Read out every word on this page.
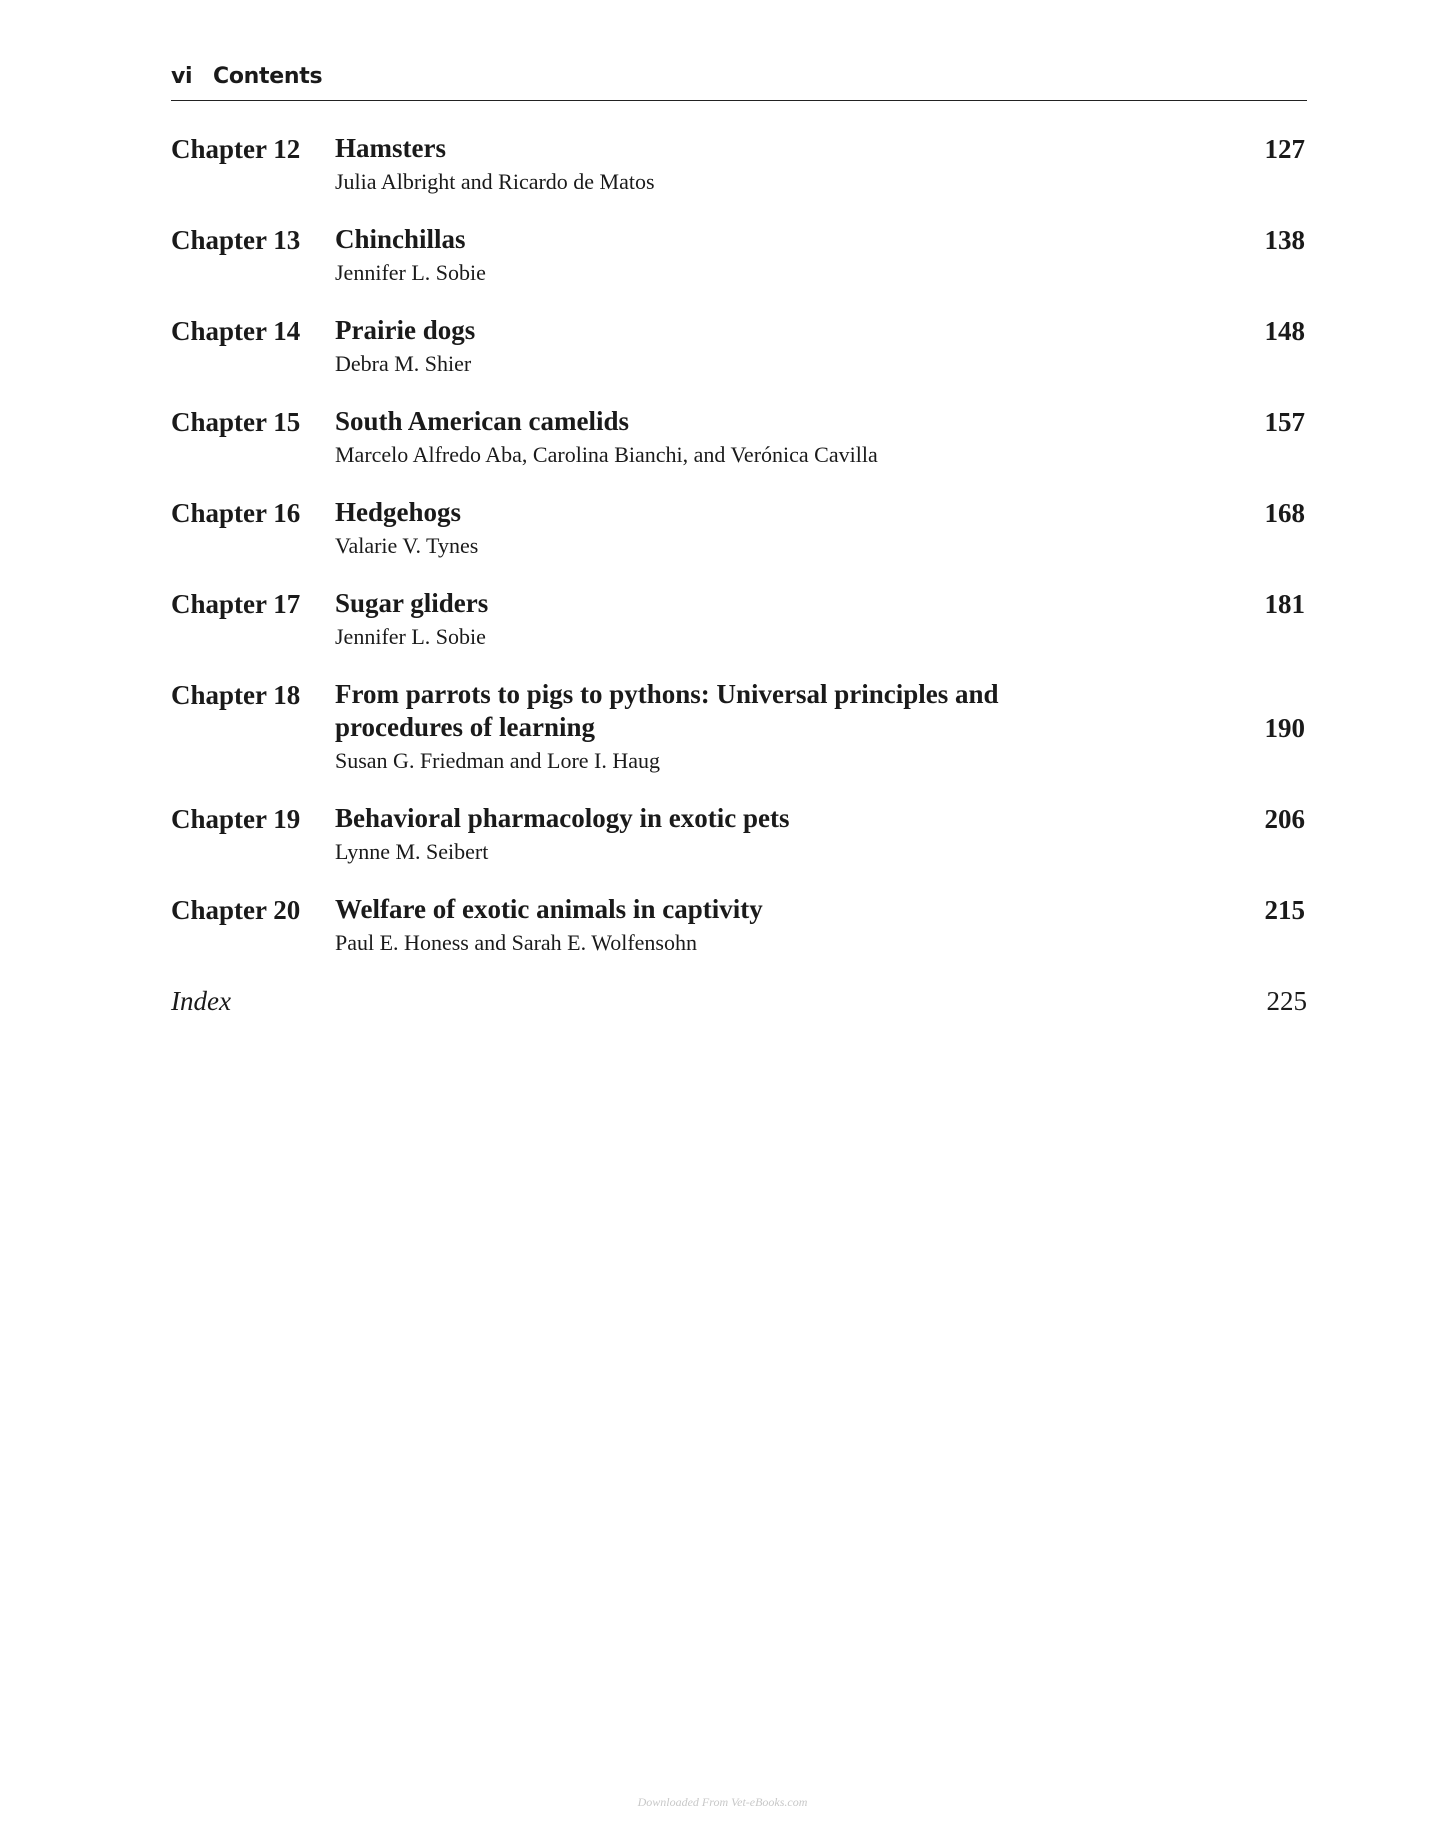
vi Contents
Chapter 12 Hamsters
Julia Albright and Ricardo de Matos
127
Chapter 13 Chinchillas
Jennifer L. Sobie
138
Chapter 14 Prairie dogs
Debra M. Shier
148
Chapter 15 South American camelids
Marcelo Alfredo Aba, Carolina Bianchi, and Verónica Cavilla
157
Chapter 16 Hedgehogs
Valarie V. Tynes
168
Chapter 17 Sugar gliders
Jennifer L. Sobie
181
Chapter 18 From parrots to pigs to pythons: Universal principles and
procedures of learning
Susan G. Friedman and Lore I. Haug
190
Chapter 19 Behavioral pharmacology in exotic pets
Lynne M. Seibert
206
Chapter 20 Welfare of exotic animals in captivity
Paul E. Honess and Sarah E. Wolfensohn
215
Index	225
Downloaded From Vet-eBooks.com
